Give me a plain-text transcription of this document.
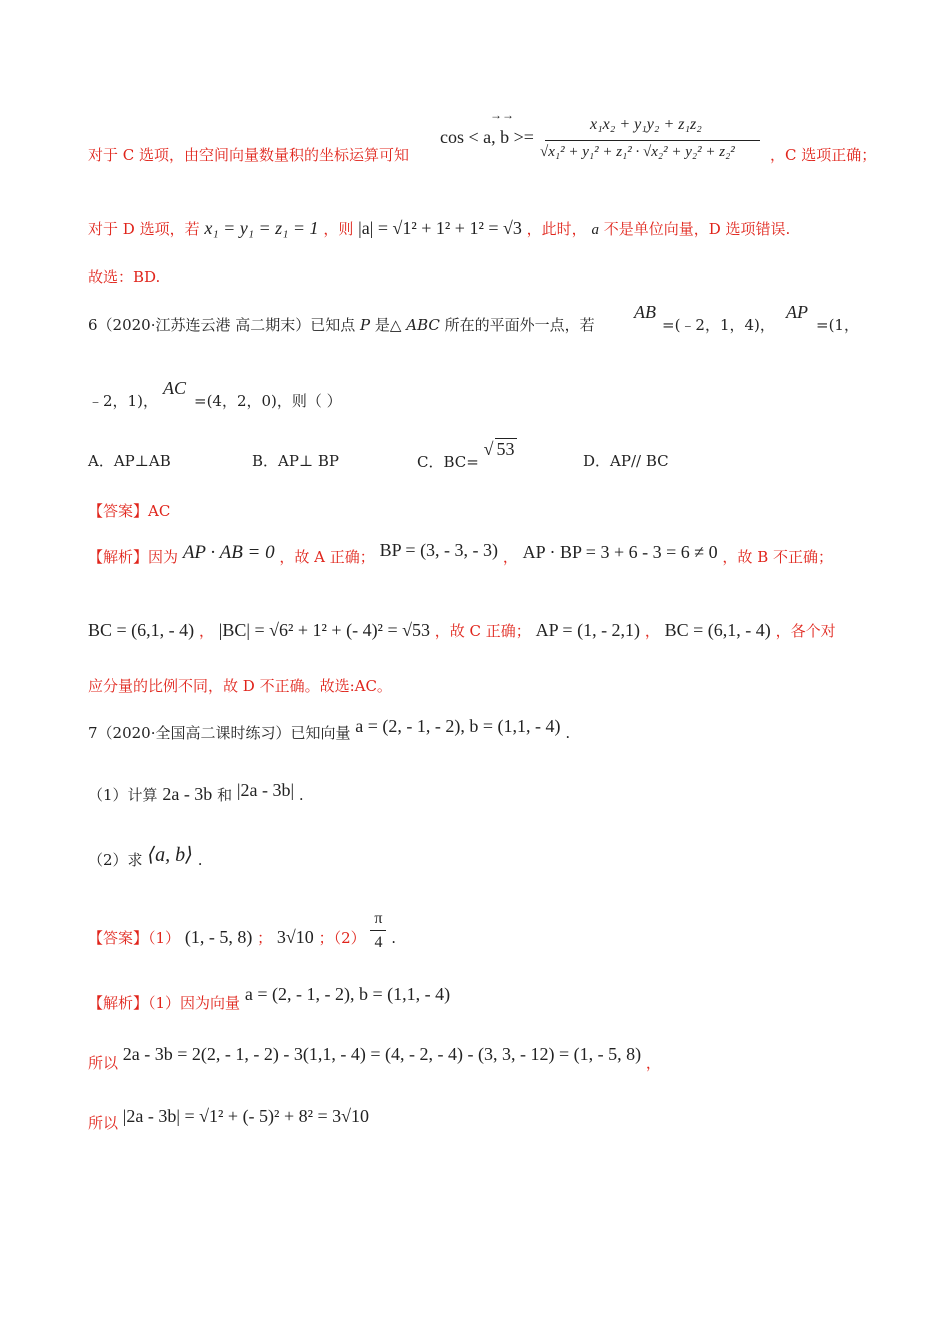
对于 C 选项，由空间向量数量积的坐标运算可知
cos < a, b >=
→→
x₁x₂ + y₁y₂ + z₁z₂
√x₁² + y₁² + z₁² · √x₂² + y₂² + z₂² ，C 选项正确；
对于 D 选项，若 x₁ = y₁ = z₁ = 1 ，则 |a| = √1² + 1² + 1² = √3 ，此时， a 不是单位向量，D 选项错误.
故选：BD.
6（2020·江苏连云港 高二期末）已知点 P 是△ ABC 所在的平面外一点，若
AB
=(﹣2，1，4)，
AP
=(1，
﹣2，1)，
AC
=(4，2，0)，则（ ）
A．AP⊥AB	B．AP⊥ BP	C．BC= √ 53
D．AP// BC
【答案】AC
【解析】因为 AP · AB = 0 ，故 A 正确； BP = (3, - 3, - 3) ， AP · BP = 3 + 6 - 3 = 6 ≠ 0 ，故 B 不正确；
BC = (6,1, - 4) ， |BC| = √6² + 1² + (- 4)² = √53 ，故 C 正确； AP = (1, - 2,1) ， BC = (6,1, - 4) ，各个对
应分量的比例不同，故 D 不正确。故选:AC。
7（2020·全国高二课时练习）已知向量 a = (2, - 1, - 2), b = (1,1, - 4) .
（1）计算 2a - 3b 和 |2a - 3b| .
（2）求 ⟨a, b⟩ .
【答案】（1） (1, - 5, 8) ； 3√10 ；$(2) \frac{\pi}{4}$ .
【解析】（1）因为向量 a = (2, - 1, - 2), b = (1,1, - 4)
所以 2a - 3b = 2(2, - 1, - 2) - 3(1,1, - 4) = (4, - 2, - 4) - (3, 3, - 12) = (1, - 5, 8) ，
所以 |2a - 3b| = √1² + (- 5)² + 8² = 3√10
